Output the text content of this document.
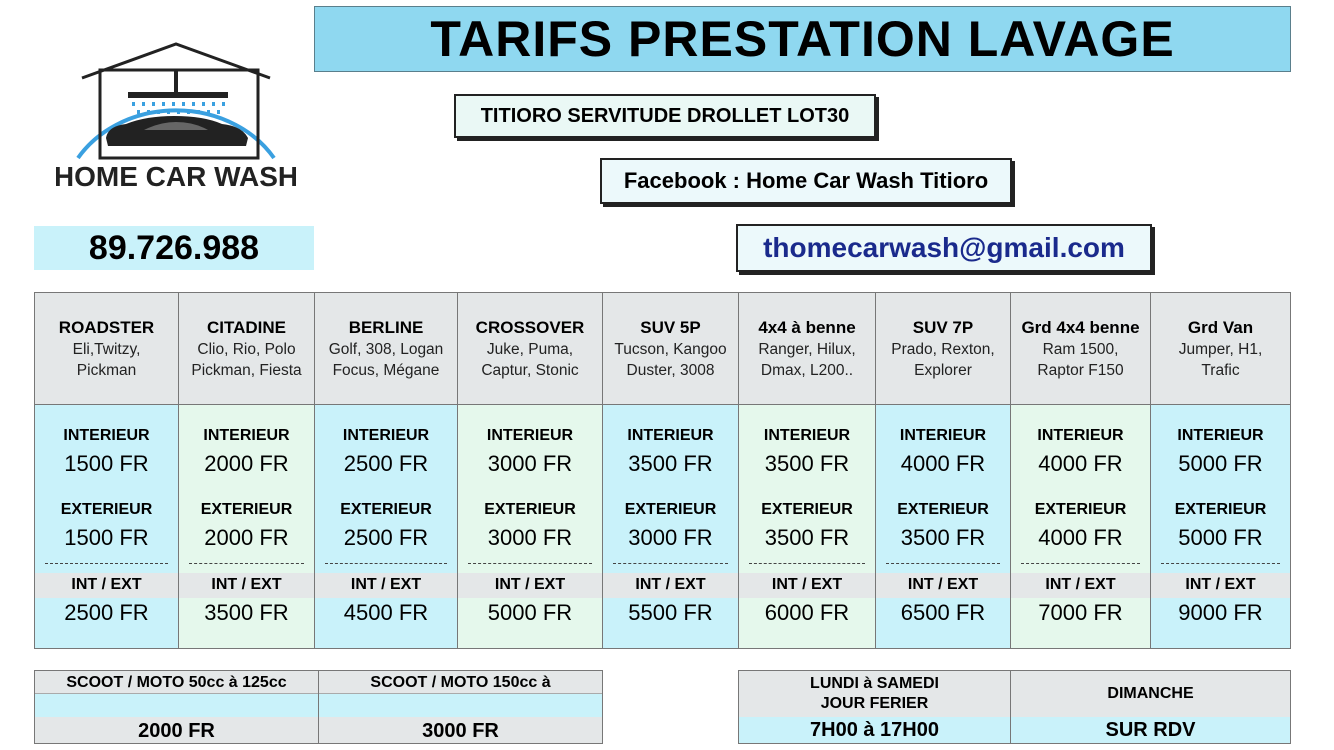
TARIFS PRESTATION LAVAGE
HOME CAR WASH
TITIORO SERVITUDE DROLLET LOT30
Facebook : Home Car Wash Titioro
thomecarwash@gmail.com
89.726.988
ROADSTER
Eli,Twitzy,
Pickman
INTERIEUR
1500 FR
EXTERIEUR
1500 FR
INT / EXT
2500 FR
CITADINE
Clio, Rio, Polo
Pickman, Fiesta
INTERIEUR
2000 FR
EXTERIEUR
2000 FR
INT / EXT
3500 FR
BERLINE
Golf, 308, Logan
Focus, Mégane
INTERIEUR
2500 FR
EXTERIEUR
2500 FR
INT / EXT
4500 FR
CROSSOVER
Juke, Puma,
Captur, Stonic
INTERIEUR
3000 FR
EXTERIEUR
3000 FR
INT / EXT
5000 FR
SUV 5P
Tucson, Kangoo
Duster, 3008
INTERIEUR
3500 FR
EXTERIEUR
3000 FR
INT / EXT
5500 FR
4x4 à benne
Ranger, Hilux,
Dmax, L200..
INTERIEUR
3500 FR
EXTERIEUR
3500 FR
INT / EXT
6000 FR
SUV 7P
Prado, Rexton,
Explorer
INTERIEUR
4000 FR
EXTERIEUR
3500 FR
INT / EXT
6500 FR
Grd 4x4 benne
Ram 1500,
Raptor F150
INTERIEUR
4000 FR
EXTERIEUR
4000 FR
INT / EXT
7000 FR
Grd Van
Jumper, H1,
Trafic
INTERIEUR
5000 FR
EXTERIEUR
5000 FR
INT / EXT
9000 FR
SCOOT / MOTO 50cc à 125cc
2000 FR
SCOOT / MOTO 150cc à
3000 FR
LUNDI à SAMEDI
JOUR FERIER
7H00 à 17H00
DIMANCHE
SUR RDV
